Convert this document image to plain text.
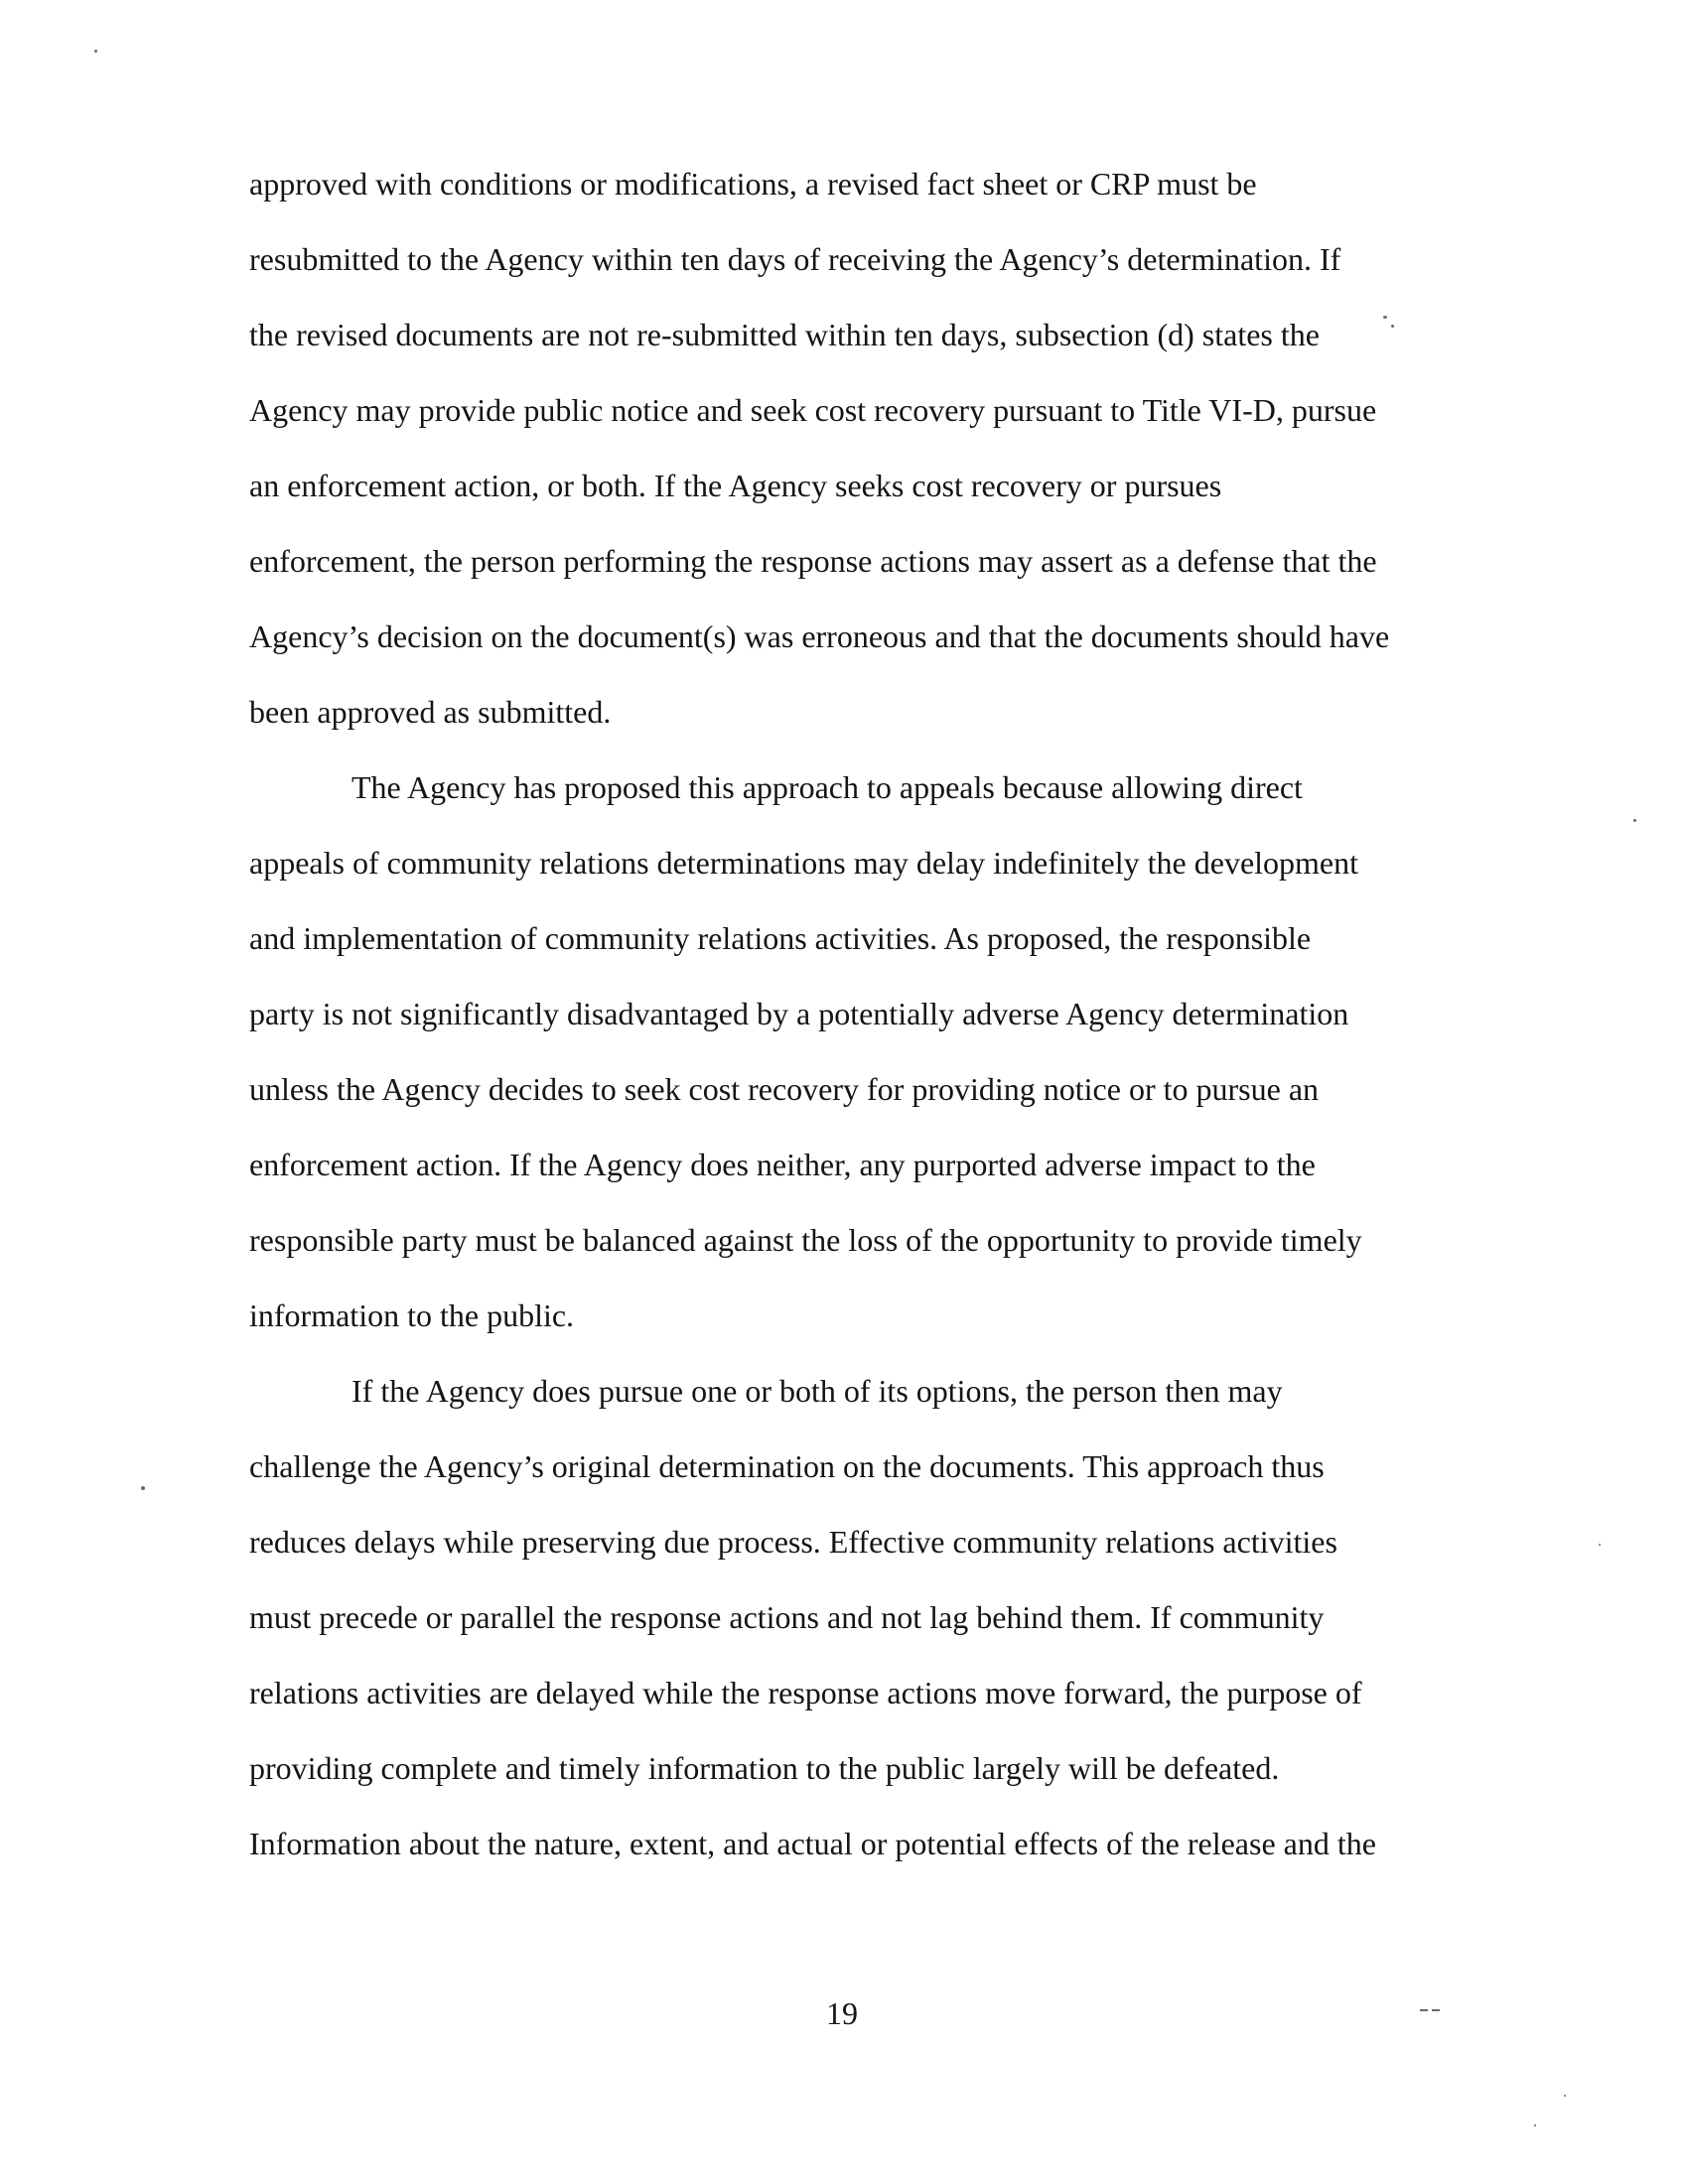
approved with conditions or modifications, a revised fact sheet or CRP must be
resubmitted to the Agency within ten days of receiving the Agency’s determination. If
the revised documents are not re-submitted within ten days, subsection (d) states the
Agency may provide public notice and seek cost recovery pursuant to Title VI-D, pursue
an enforcement action, or both. If the Agency seeks cost recovery or pursues
enforcement, the person performing the response actions may assert as a defense that the
Agency’s decision on the document(s) was erroneous and that the documents should have
been approved as submitted.
The Agency has proposed this approach to appeals because allowing direct
appeals of community relations determinations may delay indefinitely the development
and implementation of community relations activities. As proposed, the responsible
party is not significantly disadvantaged by a potentially adverse Agency determination
unless the Agency decides to seek cost recovery for providing notice or to pursue an
enforcement action. If the Agency does neither, any purported adverse impact to the
responsible party must be balanced against the loss of the opportunity to provide timely
information to the public.
If the Agency does pursue one or both of its options, the person then may
challenge the Agency’s original determination on the documents. This approach thus
reduces delays while preserving due process. Effective community relations activities
must precede or parallel the response actions and not lag behind them. If community
relations activities are delayed while the response actions move forward, the purpose of
providing complete and timely information to the public largely will be defeated.
Information about the nature, extent, and actual or potential effects of the release and the
19
